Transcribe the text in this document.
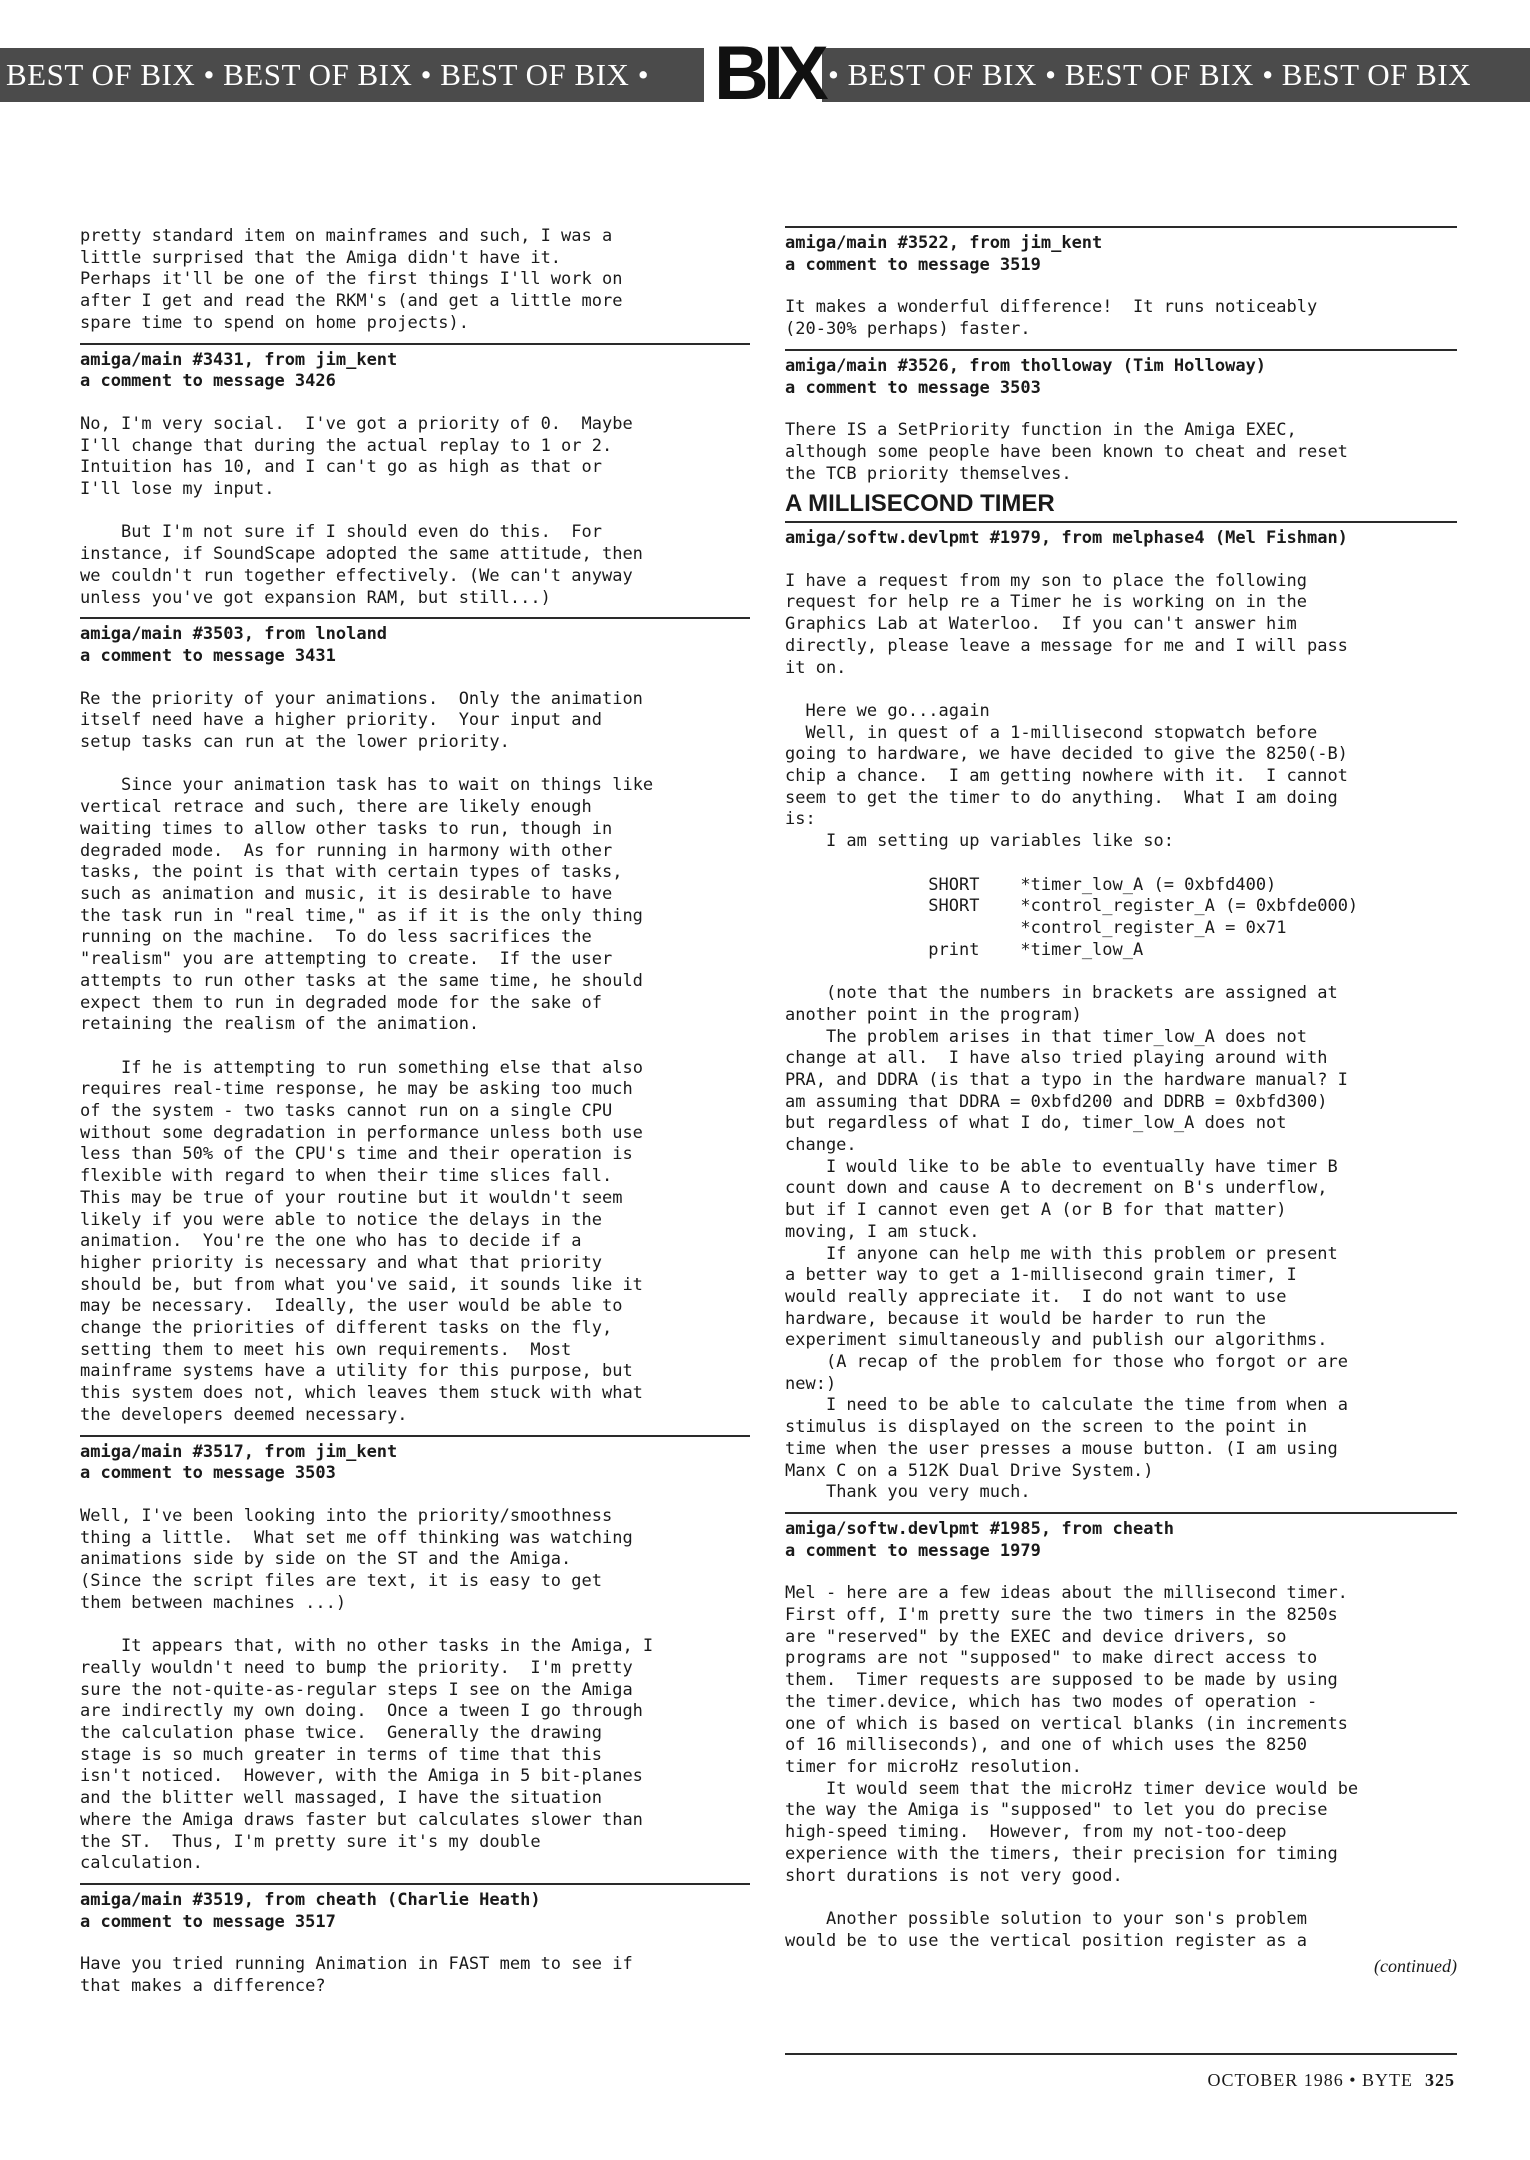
BEST OF BIX • BEST OF BIX • BEST OF BIX • BIX • BEST OF BIX • BEST OF BIX • BEST OF BIX
pretty standard item on mainframes and such, I was a
little surprised that the Amiga didn't have it.
Perhaps it'll be one of the first things I'll work on
after I get and read the RKM's (and get a little more
spare time to spend on home projects).
amiga/main #3431, from jim_kent
a comment to message 3426
No, I'm very social.  I've got a priority of 0.  Maybe
I'll change that during the actual replay to 1 or 2.
Intuition has 10, and I can't go as high as that or
I'll lose my input.

But I'm not sure if I should even do this.  For
instance, if SoundScape adopted the same attitude, then
we couldn't run together effectively. (We can't anyway
unless you've got expansion RAM, but still...)
amiga/main #3503, from lnoland
a comment to message 3431
Re the priority of your animations.  Only the animation
itself need have a higher priority.  Your input and
setup tasks can run at the lower priority.

Since your animation task has to wait on things like
vertical retrace and such, there are likely enough
waiting times to allow other tasks to run, though in
degraded mode.  As for running in harmony with other
tasks, the point is that with certain types of tasks,
such as animation and music, it is desirable to have
the task run in "real time," as if it is the only thing
running on the machine.  To do less sacrifices the
"realism" you are attempting to create.  If the user
attempts to run other tasks at the same time, he should
expect them to run in degraded mode for the sake of
retaining the realism of the animation.

If he is attempting to run something else that also
requires real-time response, he may be asking too much
of the system - two tasks cannot run on a single CPU
without some degradation in performance unless both use
less than 50% of the CPU's time and their operation is
flexible with regard to when their time slices fall.
This may be true of your routine but it wouldn't seem
likely if you were able to notice the delays in the
animation.  You're the one who has to decide if a
higher priority is necessary and what that priority
should be, but from what you've said, it sounds like it
may be necessary.  Ideally, the user would be able to
change the priorities of different tasks on the fly,
setting them to meet his own requirements.  Most
mainframe systems have a utility for this purpose, but
this system does not, which leaves them stuck with what
the developers deemed necessary.
amiga/main #3517, from jim_kent
a comment to message 3503
Well, I've been looking into the priority/smoothness
thing a little.  What set me off thinking was watching
animations side by side on the ST and the Amiga.
(Since the script files are text, it is easy to get
them between machines ...)

It appears that, with no other tasks in the Amiga, I
really wouldn't need to bump the priority.  I'm pretty
sure the not-quite-as-regular steps I see on the Amiga
are indirectly my own doing.  Once a tween I go through
the calculation phase twice.  Generally the drawing
stage is so much greater in terms of time that this
isn't noticed.  However, with the Amiga in 5 bit-planes
and the blitter well massaged, I have the situation
where the Amiga draws faster but calculates slower than
the ST.  Thus, I'm pretty sure it's my double
calculation.
amiga/main #3519, from cheath (Charlie Heath)
a comment to message 3517
Have you tried running Animation in FAST mem to see if
that makes a difference?
amiga/main #3522, from jim_kent
a comment to message 3519
It makes a wonderful difference!  It runs noticeably
(20-30% perhaps) faster.
amiga/main #3526, from tholloway (Tim Holloway)
a comment to message 3503
There IS a SetPriority function in the Amiga EXEC,
although some people have been known to cheat and reset
the TCB priority themselves.
A MILLISECOND TIMER
amiga/softw.devlpmt #1979, from melphase4 (Mel Fishman)
I have a request from my son to place the following
request for help re a Timer he is working on in the
Graphics Lab at Waterloo.  If you can't answer him
directly, please leave a message for me and I will pass
it on.

Here we go...again
Well, in quest of a 1-millisecond stopwatch before
going to hardware, we have decided to give the 8250(-B)
chip a chance.  I am getting nowhere with it.  I cannot
seem to get the timer to do anything.  What I am doing
is:
I am setting up variables like so:

SHORT    *timer_low_A (= 0xbfd400)
SHORT    *control_register_A (= 0xbfde000)
*control_register_A = 0x71
print    *timer_low_A

(note that the numbers in brackets are assigned at
another point in the program)
The problem arises in that timer_low_A does not
change at all.  I have also tried playing around with
PRA, and DDRA (is that a typo in the hardware manual? I
am assuming that DDRA = 0xbfd200 and DDRB = 0xbfd300)
but regardless of what I do, timer_low_A does not
change.
I would like to be able to eventually have timer B
count down and cause A to decrement on B's underflow,
but if I cannot even get A (or B for that matter)
moving, I am stuck.
If anyone can help me with this problem or present
a better way to get a 1-millisecond grain timer, I
would really appreciate it.  I do not want to use
hardware, because it would be harder to run the
experiment simultaneously and publish our algorithms.
(A recap of the problem for those who forgot or are
new:)
I need to be able to calculate the time from when a
stimulus is displayed on the screen to the point in
time when the user presses a mouse button. (I am using
Manx C on a 512K Dual Drive System.)
Thank you very much.
amiga/softw.devlpmt #1985, from cheath
a comment to message 1979
Mel - here are a few ideas about the millisecond timer.
First off, I'm pretty sure the two timers in the 8250s
are "reserved" by the EXEC and device drivers, so
programs are not "supposed" to make direct access to
them.  Timer requests are supposed to be made by using
the timer.device, which has two modes of operation -
one of which is based on vertical blanks (in increments
of 16 milliseconds), and one of which uses the 8250
timer for microHz resolution.
It would seem that the microHz timer device would be
the way the Amiga is "supposed" to let you do precise
high-speed timing.  However, from my not-too-deep
experience with the timers, their precision for timing
short durations is not very good.

Another possible solution to your son's problem
would be to use the vertical position register as a
(continued)
OCTOBER 1986 • BYTE 325
